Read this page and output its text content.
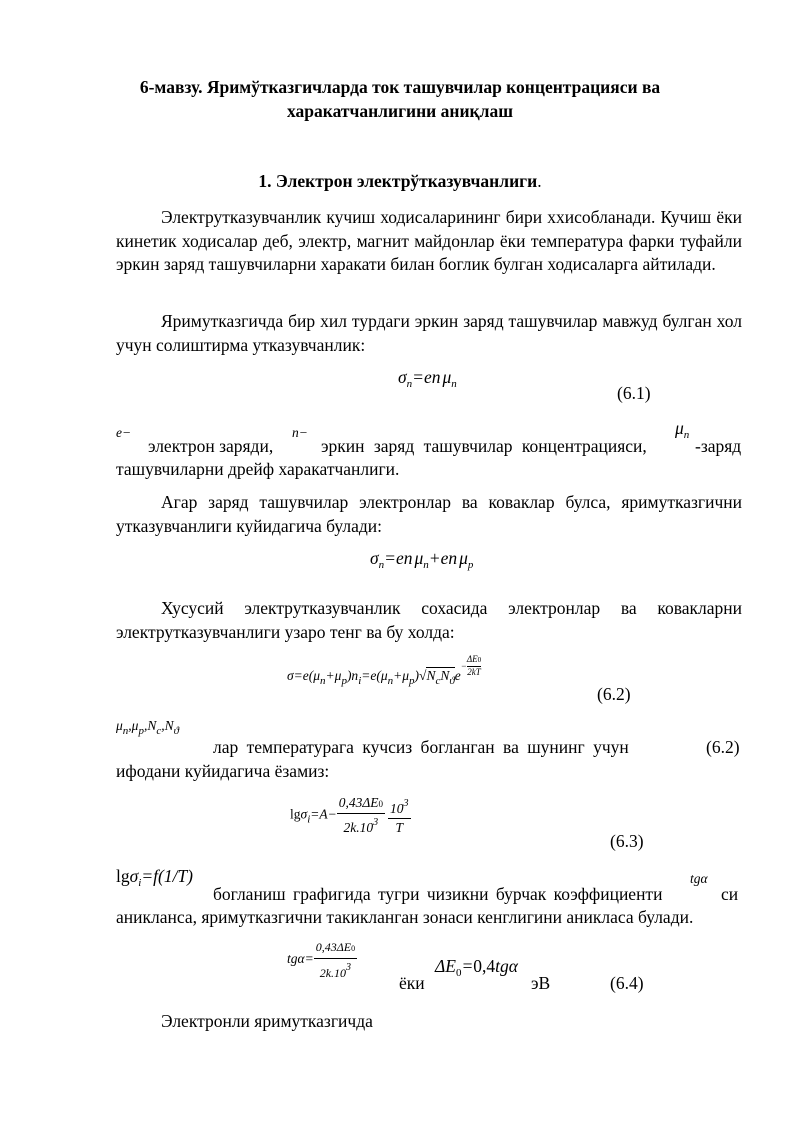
6-мавзу. Яримўтказгичларда ток ташувчилар концентрацияси ва
харакатчанлигини аниқлаш
1. Электрон электрўтказувчанлиги.
Электрутказувчанлик кучиш ходисаларининг бири ххисобланади. Кучиш ёки кинетик ходисалар деб, электр, магнит майдонлар ёки температура фарки туфайли эркин заряд ташувчиларни харакати билан боглик булган ходисаларга айтилади.
Яримутказгичда бир хил турдаги эркин заряд ташувчилар мавжуд булган хол учун солиштирма утказувчанлик:
$\sigma_n=en$ $\mu_n$	(6.1)
e−
электрон заряди,
n−
эркин заряд ташувчилар концентрацияси,
$\mu_n$
-заряд
ташувчиларни дрейф харакатчанлиги.
Агар заряд ташувчилар электронлар ва ковaклар булса, яримутказгични утказувчанлиги куйидагича булади:
$\sigma_n=en$ $\mu_n+en$ $\mu_p$
Хусусий электрутказувчанлик сохасида электронлар ва ковакларни электрутказувчанлиги узаро тенг ва бу холда:
$\sigma=e(\mu_n+\mu_p)n_i=e(\mu_n+\mu_p)√N_cN_ϑe- \frac{\Delta E0}{2kT}$
(6.2)
$\mu_n,\mu_p,N_c,N_ϑ$
лар температурага кучсиз богланган ва шунинг учун	(6.2)
ифодани куйидагича ёзамиз:
$\lg\sigma_i=A- \frac{0,43\Delta E0}{2k.10^3} \frac{10^3}{T}$
(6.3)
lgσ$_i$=f(1/T)
богланиш графигида тугри чизикни бурчак коэффициенти
tgα
си
аникланса, яримутказгични такикланган зонаси кенглигини аникласа булади.
$tg\alpha= \frac{0,43\Delta E0}{2k.10^3}$
ёки
$\Delta E_0=0,4tg\alpha$
эВ	(6.4)
Электронли яримутказгичда
